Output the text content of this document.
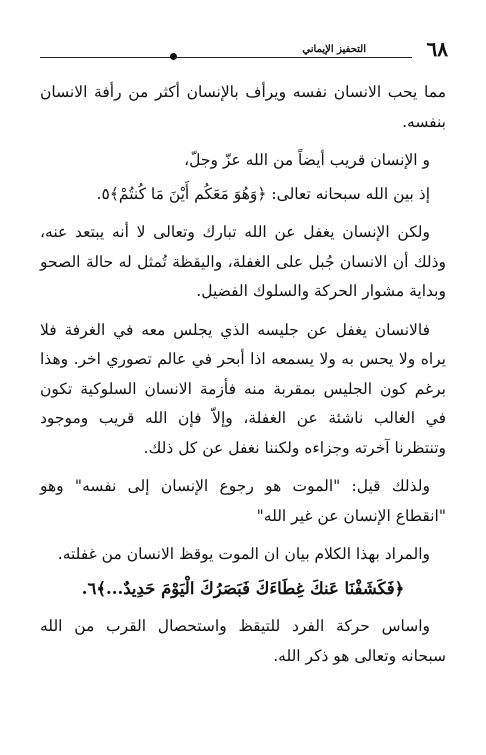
٦٨
التحفيز الإيماني

مما يحب الانسان نفسه ويرأف بالإنسان أكثر من رأفة الانسان بنفسه.

و الإنسان قريب أيضاً من الله عزّ وجلّ،

إذ بين الله سبحانه تعالى: ﴿وَهُوَ مَعَكُم أَيْنَ مَا كُنتُمْ﴾٥.

ولكن الإنسان يغفل عن الله تبارك وتعالى لا أنه يبتعد عنه، وذلك أن الانسان جُبل على الغفلة، واليقظة تُمثل له حالة الصحو وبداية مشوار الحركة والسلوك الفضيل.

فالانسان يغفل عن جليسه الذي يجلس معه في الغرفة فلا يراه ولا يحس به ولا يسمعه اذا أبحر في عالم تصوري اخر. وهذا برغم كون الجليس بمقربة منه فأزمة الانسان السلوكية تكون في الغالب ناشئة عن الغفلة، وإلاّ فإن الله قريب وموجود وتنتظرنا آخرته وجزاءه ولكننا نغفل عن كل ذلك.

ولذلك قيل: "الموت هو رجوع الإنسان إلى نفسه" وهو "انقطاع الإنسان عن غير الله"

والمراد بهذا الكلام بيان ان الموت يوقظ الانسان من غفلته.

﴿فَكَشَفْنَا عَنكَ غِطَاءَكَ فَبَصَرُكَ الْيَوْمَ حَدِيدٌ...﴾٦.

واساس حركة الفرد للتيقظ واستحصال القرب من الله سبحانه وتعالى هو ذكر الله.
